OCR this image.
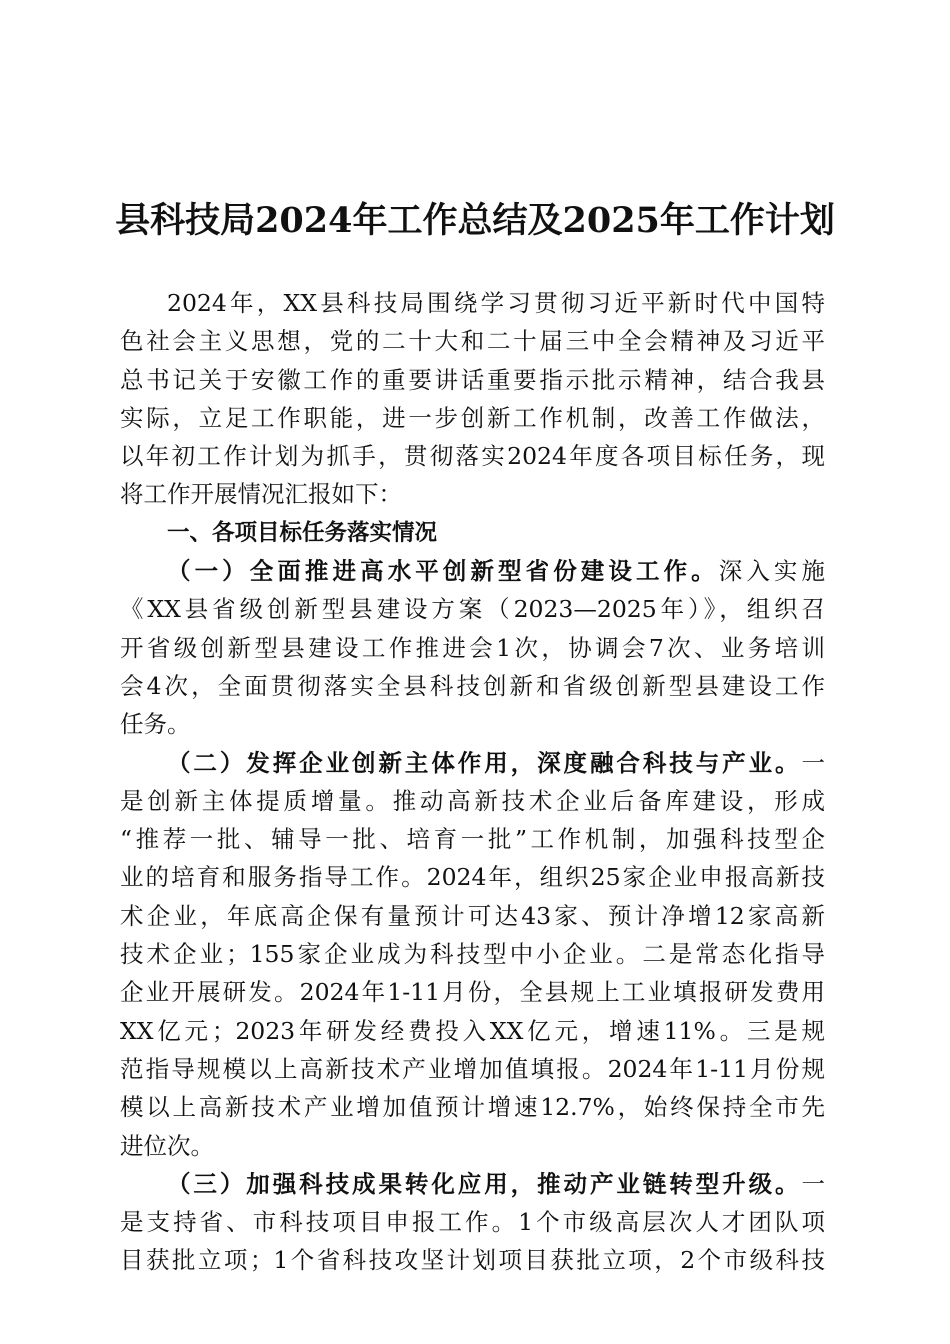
县科技局2024年工作总结及2025年工作计划
2024年，XX县科技局围绕学习贯彻习近平新时代中国特
色社会主义思想，党的二十大和二十届三中全会精神及习近平
总书记关于安徽工作的重要讲话重要指示批示精神，结合我县
实际，立足工作职能，进一步创新工作机制，改善工作做法，
以年初工作计划为抓手，贯彻落实2024年度各项目标任务，现
将工作开展情况汇报如下：
一、各项目标任务落实情况
（一）全面推进高水平创新型省份建设工作。深入实施
《XX县省级创新型县建设方案（2023—2025年）》，组织召
开省级创新型县建设工作推进会1次，协调会7次、业务培训
会4次，全面贯彻落实全县科技创新和省级创新型县建设工作
任务。
（二）发挥企业创新主体作用，深度融合科技与产业。一
是创新主体提质增量。推动高新技术企业后备库建设，形成
“推荐一批、辅导一批、培育一批”工作机制，加强科技型企
业的培育和服务指导工作。2024年，组织25家企业申报高新技
术企业，年底高企保有量预计可达43家、预计净增12家高新
技术企业；155家企业成为科技型中小企业。二是常态化指导
企业开展研发。2024年1-11月份，全县规上工业填报研发费用
XX亿元；2023年研发经费投入XX亿元，增速11%。三是规
范指导规模以上高新技术产业增加值填报。2024年1-11月份规
模以上高新技术产业增加值预计增速12.7%，始终保持全市先
进位次。
（三）加强科技成果转化应用，推动产业链转型升级。一
是支持省、市科技项目申报工作。1个市级高层次人才团队项
目获批立项；1个省科技攻坚计划项目获批立项，2个市级科技
